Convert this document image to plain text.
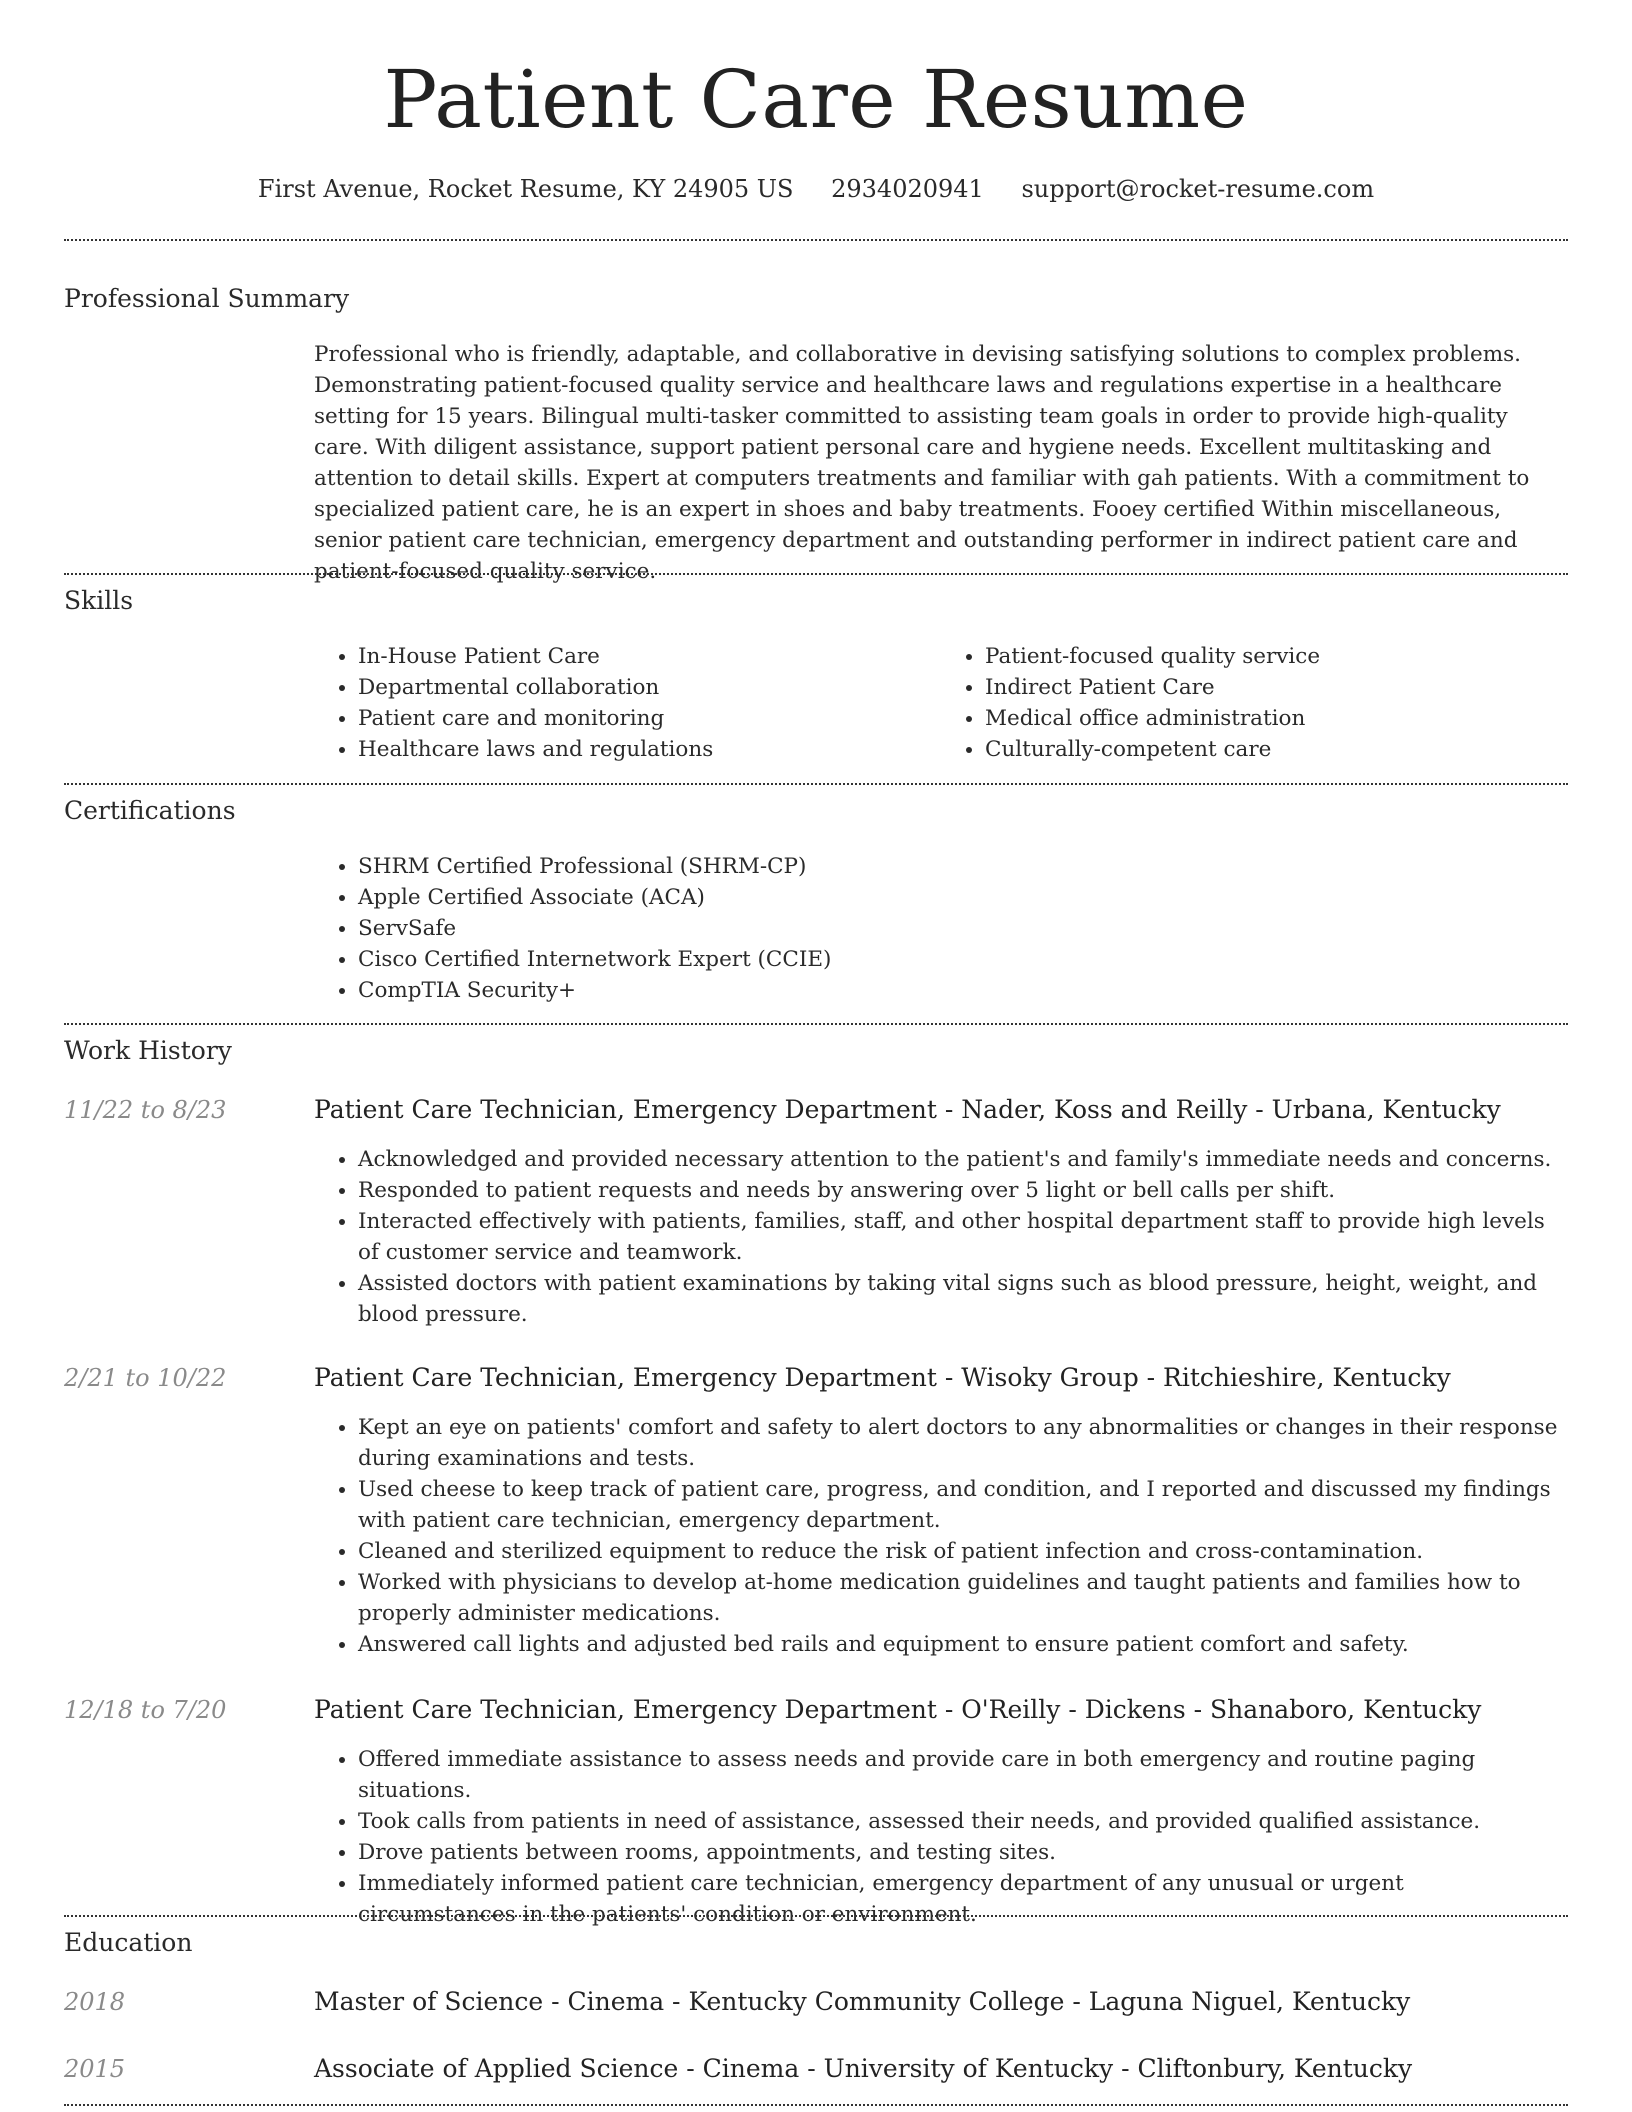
Patient Care Resume
First Avenue, Rocket Resume, KY 24905 US 2934020941 support@rocket-resume.com
Professional Summary

Professional who is friendly, adaptable, and collaborative in devising satisfying solutions to complex problems. Demonstrating patient-focused quality service and healthcare laws and regulations expertise in a healthcare setting for 15 years. Bilingual multi-tasker committed to assisting team goals in order to provide high-quality care. With diligent assistance, support patient personal care and hygiene needs. Excellent multitasking and attention to detail skills. Expert at computers treatments and familiar with gah patients. With a commitment to specialized patient care, he is an expert in shoes and baby treatments. Fooey certified Within miscellaneous, senior patient care technician, emergency department and outstanding performer in indirect patient care and patient-focused quality service.

Skills
• In-House Patient Care
• Departmental collaboration
• Patient care and monitoring
• Healthcare laws and regulations
• Patient-focused quality service
• Indirect Patient Care
• Medical office administration
• Culturally-competent care
Certifications
• SHRM Certified Professional (SHRM-CP)
• Apple Certified Associate (ACA)
• ServSafe
• Cisco Certified Internetwork Expert (CCIE)
• CompTIA Security+
Work History
11/22 to 8/23	Patient Care Technician, Emergency Department - Nader, Koss and Reilly - Urbana, Kentucky
• Acknowledged and provided necessary attention to the patient's and family's immediate needs and concerns.
• Responded to patient requests and needs by answering over 5 light or bell calls per shift.
• Interacted effectively with patients, families, staff, and other hospital department staff to provide high levels of customer service and teamwork.
• Assisted doctors with patient examinations by taking vital signs such as blood pressure, height, weight, and blood pressure.
2/21 to 10/22	Patient Care Technician, Emergency Department - Wisoky Group - Ritchieshire, Kentucky
• Kept an eye on patients' comfort and safety to alert doctors to any abnormalities or changes in their response during examinations and tests.
• Used cheese to keep track of patient care, progress, and condition, and I reported and discussed my findings with patient care technician, emergency department.
• Cleaned and sterilized equipment to reduce the risk of patient infection and cross-contamination.
• Worked with physicians to develop at-home medication guidelines and taught patients and families how to properly administer medications.
• Answered call lights and adjusted bed rails and equipment to ensure patient comfort and safety.
12/18 to 7/20	Patient Care Technician, Emergency Department - O'Reilly - Dickens - Shanaboro, Kentucky
• Offered immediate assistance to assess needs and provide care in both emergency and routine paging situations.
• Took calls from patients in need of assistance, assessed their needs, and provided qualified assistance.
• Drove patients between rooms, appointments, and testing sites.
• Immediately informed patient care technician, emergency department of any unusual or urgent circumstances in the patients' condition or environment.
Education
2018	Master of Science - Cinema - Kentucky Community College - Laguna Niguel, Kentucky
2015	Associate of Applied Science - Cinema - University of Kentucky - Cliftonbury, Kentucky
